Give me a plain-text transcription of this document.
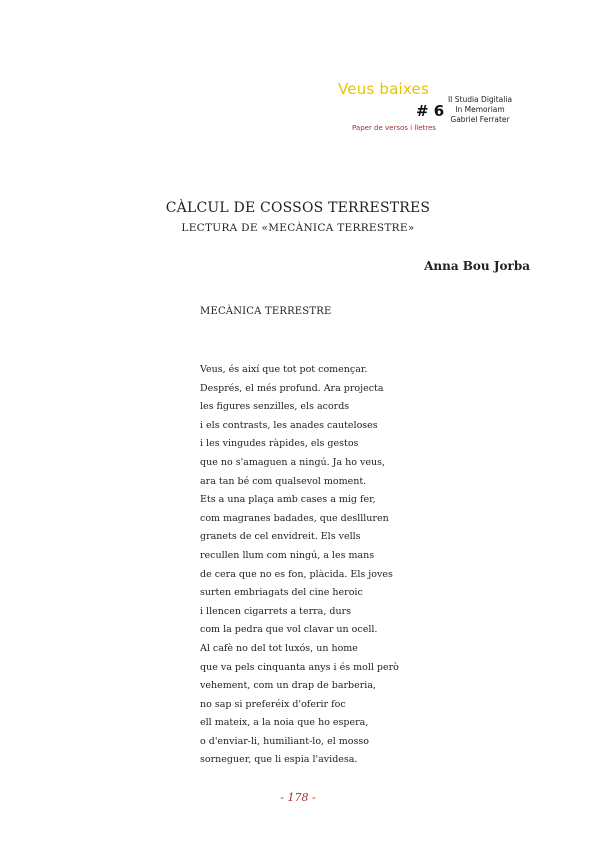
Veus baixes
# 6
Paper de versos i lletres
II Studia Digitalia
In Memoriam
Gabriel Ferrater
CÀLCUL DE COSSOS TERRESTRES
LECTURA DE «MECÀNICA TERRESTRE»
Anna Bou Jorba
MECÀNICA TERRESTRE
Veus, és així que tot pot començar.
Després, el més profund. Ara projecta
les figures senzilles, els acords
i els contrasts, les anades cauteloses
i les vingudes ràpides, els gestos
que no s'amaguen a ningú. Ja ho veus,
ara tan bé com qualsevol moment.
Ets a una plaça amb cases a mig fer,
com magranes badades, que desllluren
granets de cel envidreit. Els vells
recullen llum com ningú, a les mans
de cera que no es fon, plàcida. Els joves
surten embriagats del cine heroic
i llencen cigarrets a terra, durs
com la pedra que vol clavar un ocell.
Al cafè no del tot luxós, un home
que va pels cinquanta anys i és moll però
vehement, com un drap de barberia,
no sap si preferéix d'oferir foc
ell mateix, a la noia que ho espera,
o d'enviar-li, humiliant-lo, el mosso
sorneguer, que li espia l'avidesa.
- 178 -
